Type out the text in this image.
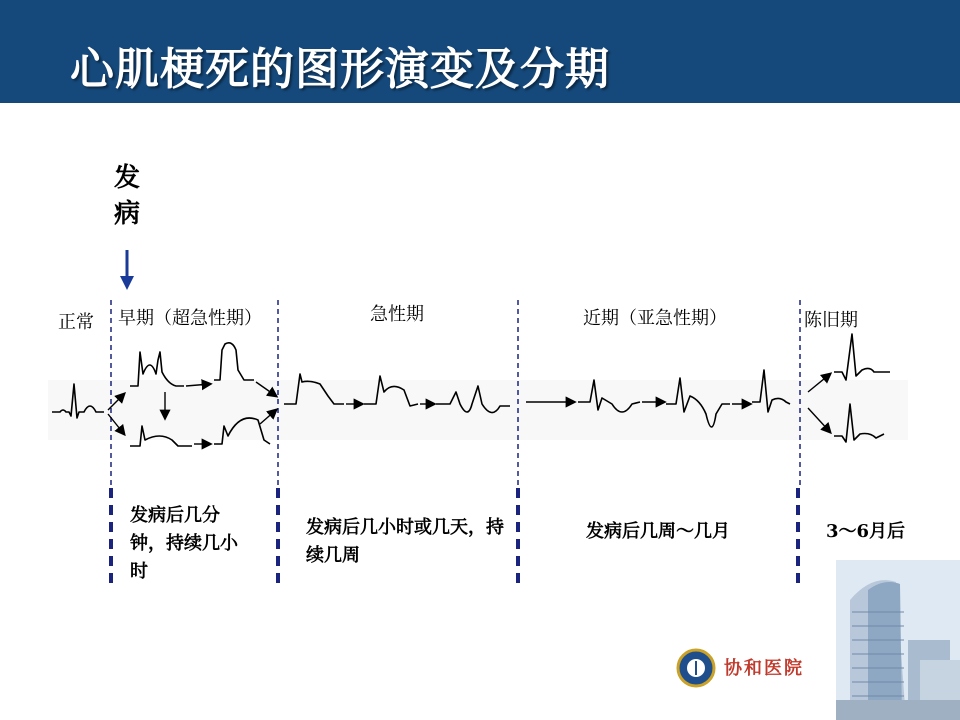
心肌梗死的图形演变及分期
发
病
正常 早期（超急性期）	急性期	近期（亚急性期）	陈旧期
发病后几分钟，持续几小时
发病后几小时或几天，持续几周
发病后几周～几月	3～6月后
协和医院
